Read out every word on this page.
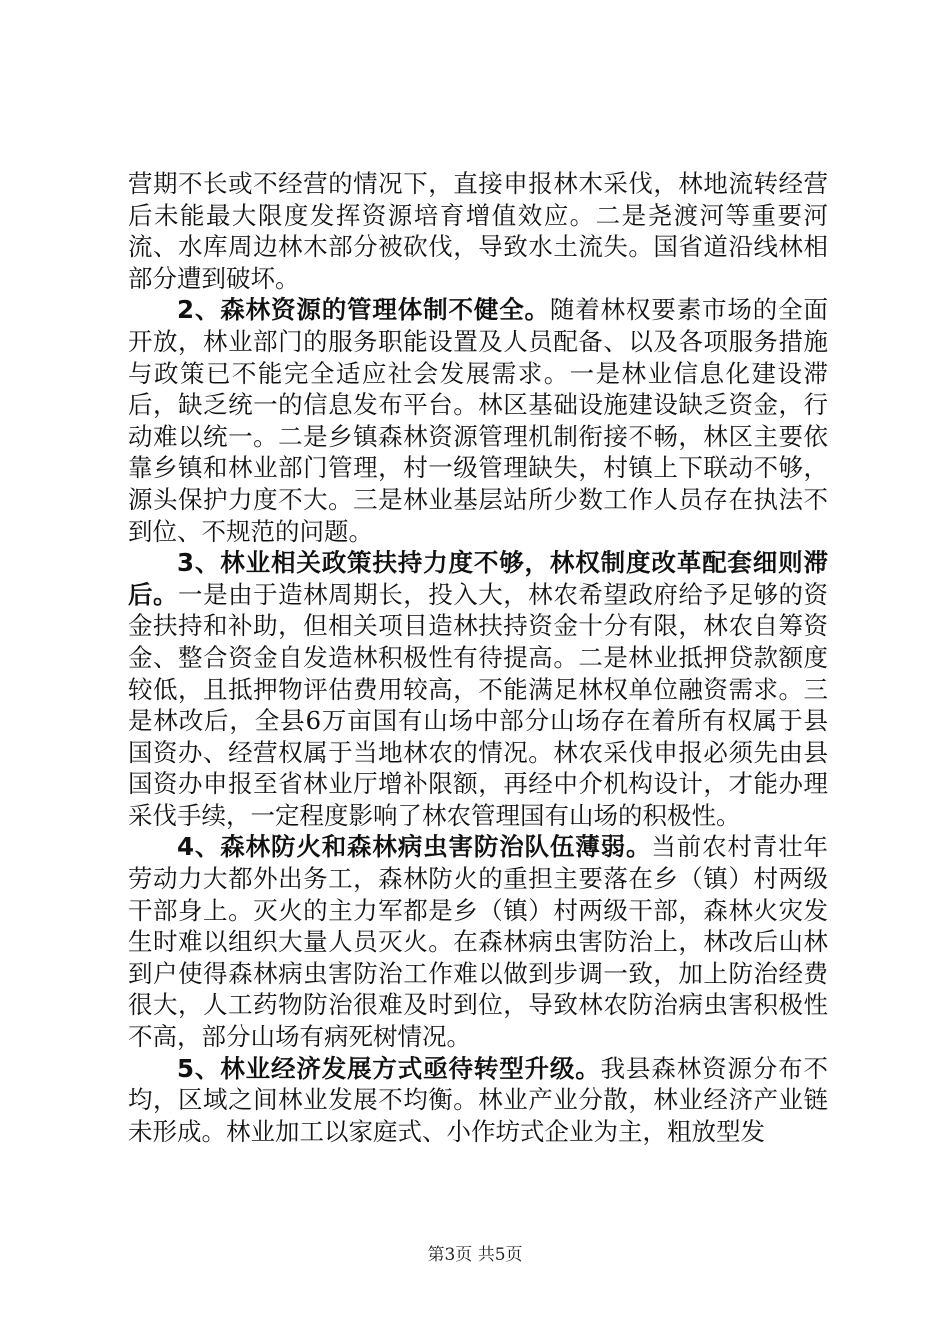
营期不长或不经营的情况下，直接申报林木采伐，林地流转经营后未能最大限度发挥资源培育增值效应。二是尧渡河等重要河流、水库周边林木部分被砍伐，导致水土流失。国省道沿线林相部分遭到破坏。

2、森林资源的管理体制不健全。随着林权要素市场的全面开放，林业部门的服务职能设置及人员配备、以及各项服务措施与政策已不能完全适应社会发展需求。一是林业信息化建设滞后，缺乏统一的信息发布平台。林区基础设施建设缺乏资金，行动难以统一。二是乡镇森林资源管理机制衔接不畅，林区主要依靠乡镇和林业部门管理，村一级管理缺失，村镇上下联动不够，源头保护力度不大。三是林业基层站所少数工作人员存在执法不到位、不规范的问题。

3、林业相关政策扶持力度不够，林权制度改革配套细则滞后。一是由于造林周期长，投入大，林农希望政府给予足够的资金扶持和补助，但相关项目造林扶持资金十分有限，林农自筹资金、整合资金自发造林积极性有待提高。二是林业抵押贷款额度较低，且抵押物评估费用较高，不能满足林权单位融资需求。三是林改后，全县6万亩国有山场中部分山场存在着所有权属于县国资办、经营权属于当地林农的情况。林农采伐申报必须先由县国资办申报至省林业厅增补限额，再经中介机构设计，才能办理采伐手续，一定程度影响了林农管理国有山场的积极性。

4、森林防火和森林病虫害防治队伍薄弱。当前农村青壮年劳动力大都外出务工，森林防火的重担主要落在乡（镇）村两级干部身上。灭火的主力军都是乡（镇）村两级干部，森林火灾发生时难以组织大量人员灭火。在森林病虫害防治上，林改后山林到户使得森林病虫害防治工作难以做到步调一致，加上防治经费很大，人工药物防治很难及时到位，导致林农防治病虫害积极性不高，部分山场有病死树情况。

5、林业经济发展方式亟待转型升级。我县森林资源分布不均，区域之间林业发展不均衡。林业产业分散，林业经济产业链未形成。林业加工以家庭式、小作坊式企业为主，粗放型发

第3页 共5页
